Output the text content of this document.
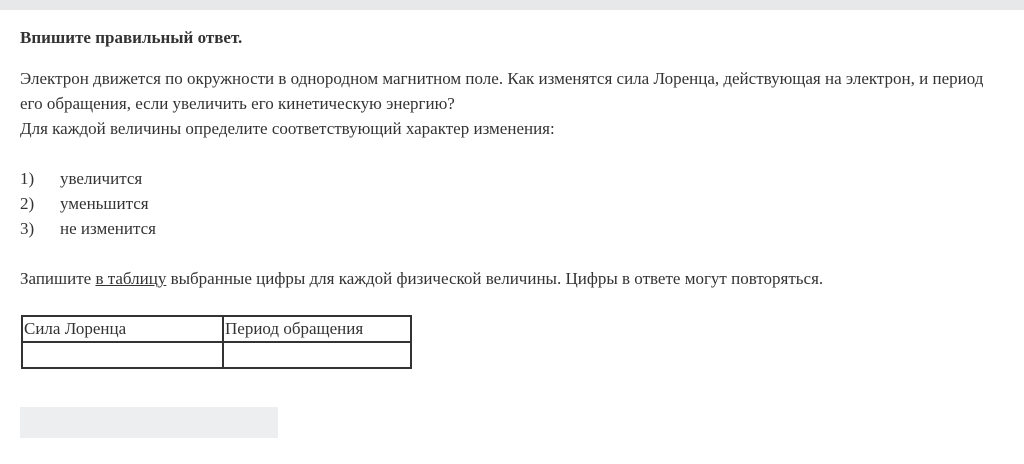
Впишите правильный ответ.

Электрон движется по окружности в однородном магнитном поле. Как изменятся сила Лоренца, действующая на электрон, и период его обращения, если увеличить его кинетическую энергию?
Для каждой величины определите соответствующий характер изменения:

1)	увеличится
2)	уменьшится
3)	не изменится

Запишите в таблицу выбранные цифры для каждой физической величины. Цифры в ответе могут повторяться.

Сила Лоренца	Период обращения
